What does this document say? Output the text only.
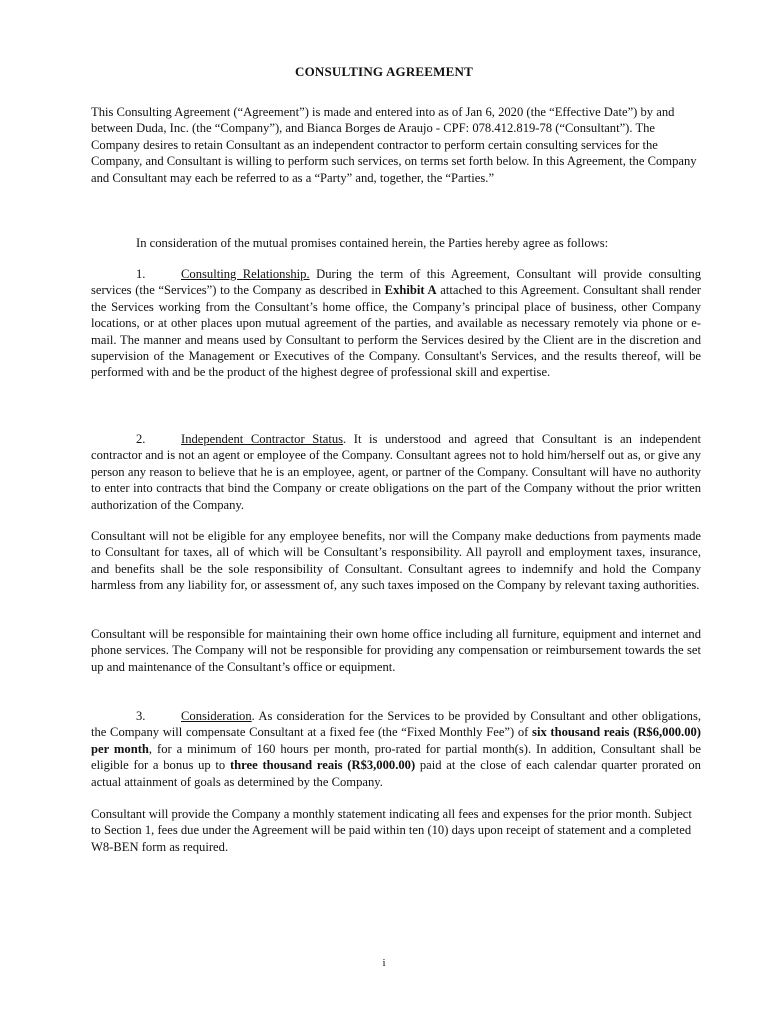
CONSULTING AGREEMENT

This Consulting Agreement (“Agreement”) is made and entered into as of Jan 6, 2020 (the “Effective Date”) by and between Duda, Inc. (the “Company”), and Bianca Borges de Araujo - CPF: 078.412.819-78 (“Consultant”). The Company desires to retain Consultant as an independent contractor to perform certain consulting services for the Company, and Consultant is willing to perform such services, on terms set forth below. In this Agreement, the Company and Consultant may each be referred to as a “Party” and, together, the “Parties.”

In consideration of the mutual promises contained herein, the Parties hereby agree as follows:

1.	Consulting Relationship. During the term of this Agreement, Consultant will provide consulting services (the “Services”) to the Company as described in Exhibit A attached to this Agreement. Consultant shall render the Services working from the Consultant’s home office, the Company’s principal place of business, other Company locations, or at other places upon mutual agreement of the parties, and available as necessary remotely via phone or e-mail. The manner and means used by Consultant to perform the Services desired by the Client are in the discretion and supervision of the Management or Executives of the Company. Consultant's Services, and the results thereof, will be performed with and be the product of the highest degree of professional skill and expertise.

2.	Independent Contractor Status. It is understood and agreed that Consultant is an independent contractor and is not an agent or employee of the Company. Consultant agrees not to hold him/herself out as, or give any person any reason to believe that he is an employee, agent, or partner of the Company. Consultant will have no authority to enter into contracts that bind the Company or create obligations on the part of the Company without the prior written authorization of the Company.

Consultant will not be eligible for any employee benefits, nor will the Company make deductions from payments made to Consultant for taxes, all of which will be Consultant’s responsibility. All payroll and employment taxes, insurance, and benefits shall be the sole responsibility of Consultant. Consultant agrees to indemnify and hold the Company harmless from any liability for, or assessment of, any such taxes imposed on the Company by relevant taxing authorities.

Consultant will be responsible for maintaining their own home office including all furniture, equipment and internet and phone services. The Company will not be responsible for providing any compensation or reimbursement towards the set up and maintenance of the Consultant’s office or equipment.

3.	Consideration. As consideration for the Services to be provided by Consultant and other obligations, the Company will compensate Consultant at a fixed fee (the “Fixed Monthly Fee”) of six thousand reais (R$6,000.00) per month, for a minimum of 160 hours per month, pro-rated for partial month(s). In addition, Consultant shall be eligible for a bonus up to three thousand reais (R$3,000.00) paid at the close of each calendar quarter prorated on actual attainment of goals as determined by the Company.

Consultant will provide the Company a monthly statement indicating all fees and expenses for the prior month. Subject to Section 1, fees due under the Agreement will be paid within ten (10) days upon receipt of statement and a completed W8-BEN form as required.

i
